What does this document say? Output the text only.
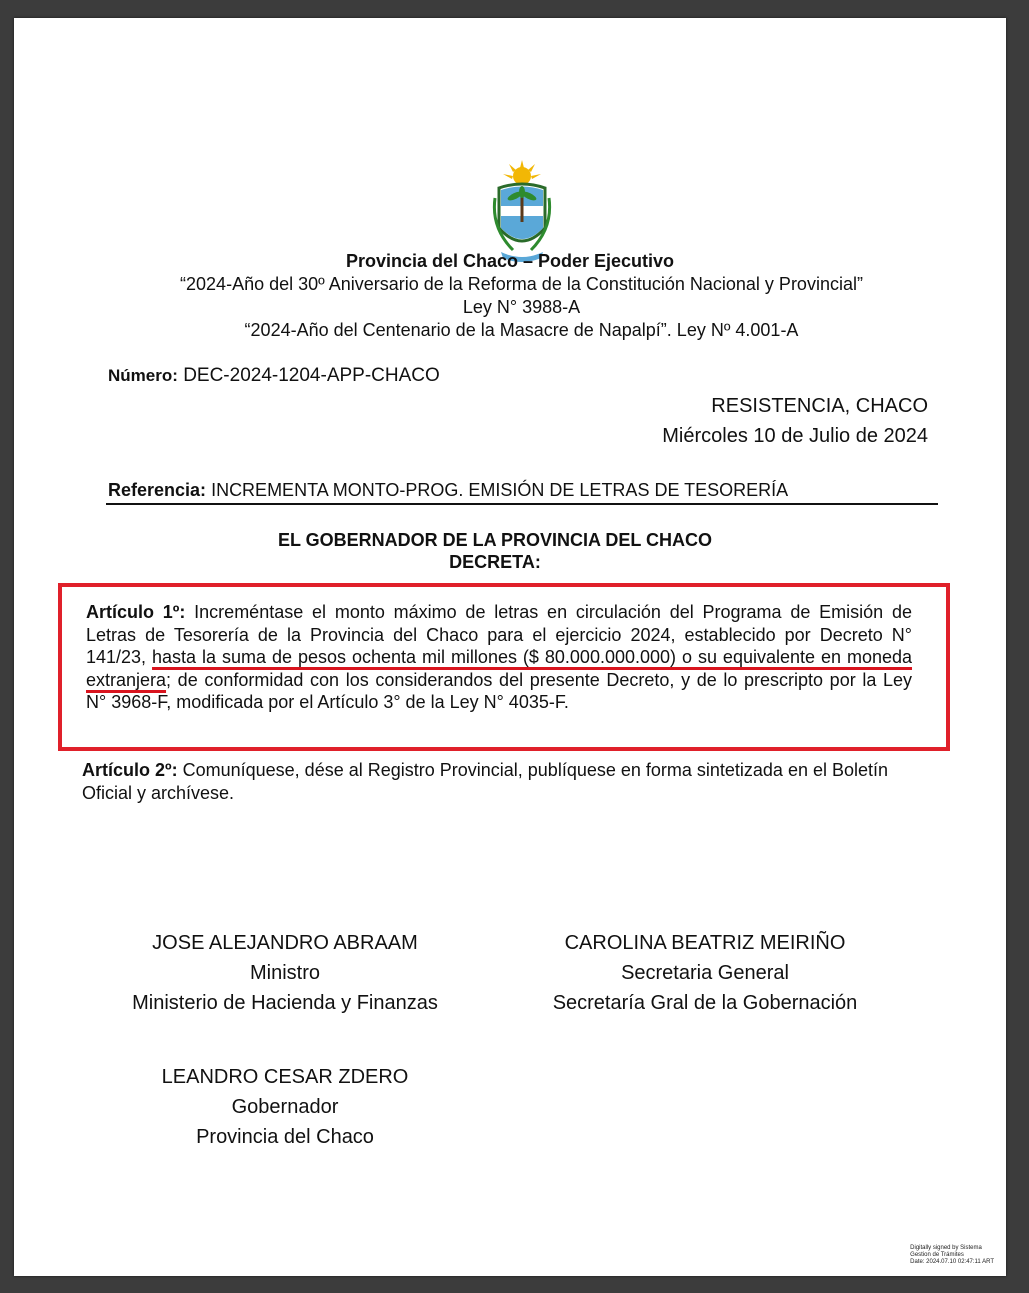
Provincia del Chaco – Poder Ejecutivo
“2024-Año del 30º Aniversario de la Reforma de la Constitución Nacional y Provincial”
Ley N° 3988-A
“2024-Año del Centenario de la Masacre de Napalpí”. Ley Nº 4.001-A
Número: DEC-2024-1204-APP-CHACO
RESISTENCIA, CHACO
Miércoles 10 de Julio de 2024
Referencia: INCREMENTA MONTO-PROG. EMISIÓN DE LETRAS DE TESORERÍA
EL GOBERNADOR DE LA PROVINCIA DEL CHACO
DECRETA:
Artículo 1º: Increméntase el monto máximo de letras en circulación del Programa de Emisión de Letras de Tesorería de la Provincia del Chaco para el ejercicio 2024, establecido por Decreto N° 141/23, hasta la suma de pesos ochenta mil millones ($ 80.000.000.000) o su equivalente en moneda extranjera; de conformidad con los considerandos del presente Decreto, y de lo prescripto por la Ley N° 3968-F, modificada por el Artículo 3° de la Ley N° 4035-F.
Artículo 2º: Comuníquese, dése al Registro Provincial, publíquese en forma sintetizada en el Boletín Oficial y archívese.
JOSE ALEJANDRO ABRAAM
Ministro
Ministerio de Hacienda y Finanzas
CAROLINA BEATRIZ MEIRIÑO
Secretaria General
Secretaría Gral de la Gobernación
LEANDRO CESAR ZDERO
Gobernador
Provincia del Chaco
Digitally signed by Sistema
Gestion de Trámites
Date: 2024.07.10 02:47:11 ART
